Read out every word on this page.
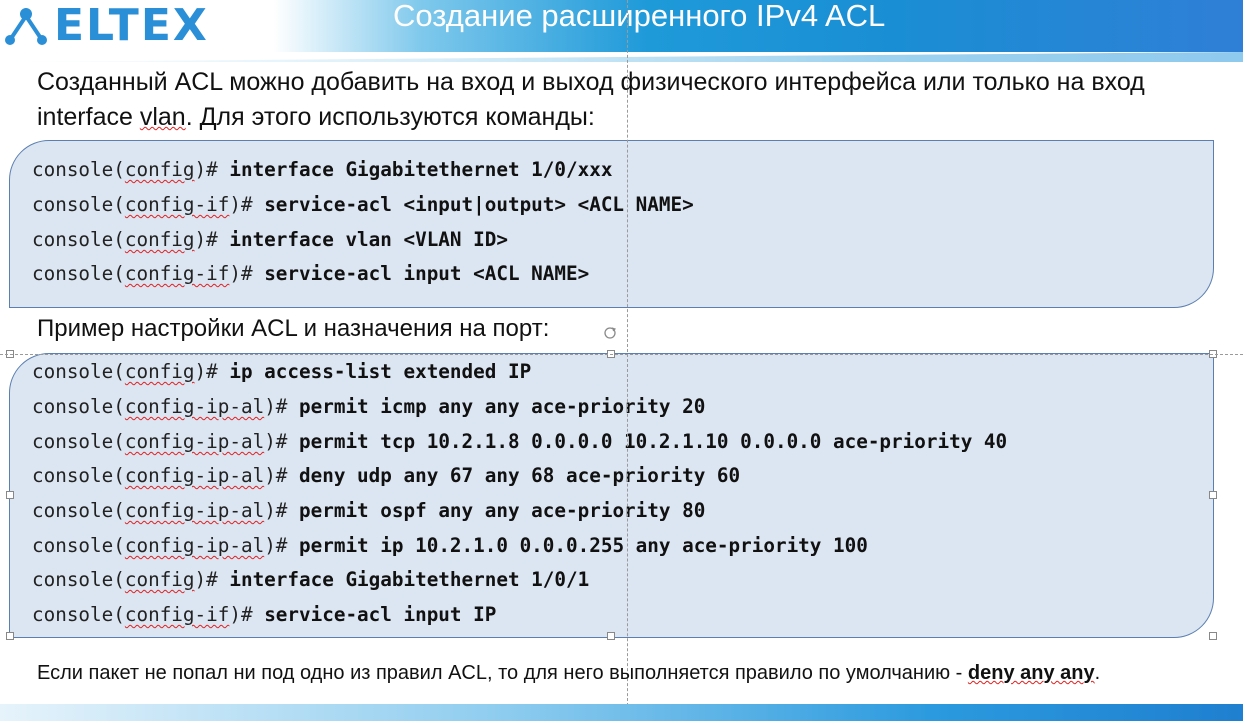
ELTEX	Создание расширенного IPv4 ACL
Созданный ACL можно добавить на вход и выход физического интерфейса или только на вход interface vlan. Для этого используются команды:
console(config)# interface Gigabitethernet 1/0/xxx
console(config-if)# service-acl <input|output> <ACL NAME>
console(config)# interface vlan <VLAN ID>
console(config-if)# service-acl input <ACL NAME>
Пример настройки ACL и назначения на порт:
console(config)# ip access-list extended IP
console(config-ip-al)# permit icmp any any ace-priority 20
console(config-ip-al)# permit tcp 10.2.1.8 0.0.0.0 10.2.1.10 0.0.0.0 ace-priority 40
console(config-ip-al)# deny udp any 67 any 68 ace-priority 60
console(config-ip-al)# permit ospf any any ace-priority 80
console(config-ip-al)# permit ip 10.2.1.0 0.0.0.255 any ace-priority 100
console(config)# interface Gigabitethernet 1/0/1
console(config-if)# service-acl input IP
Если пакет не попал ни под одно из правил ACL, то для него выполняется правило по умолчанию - deny any any.
